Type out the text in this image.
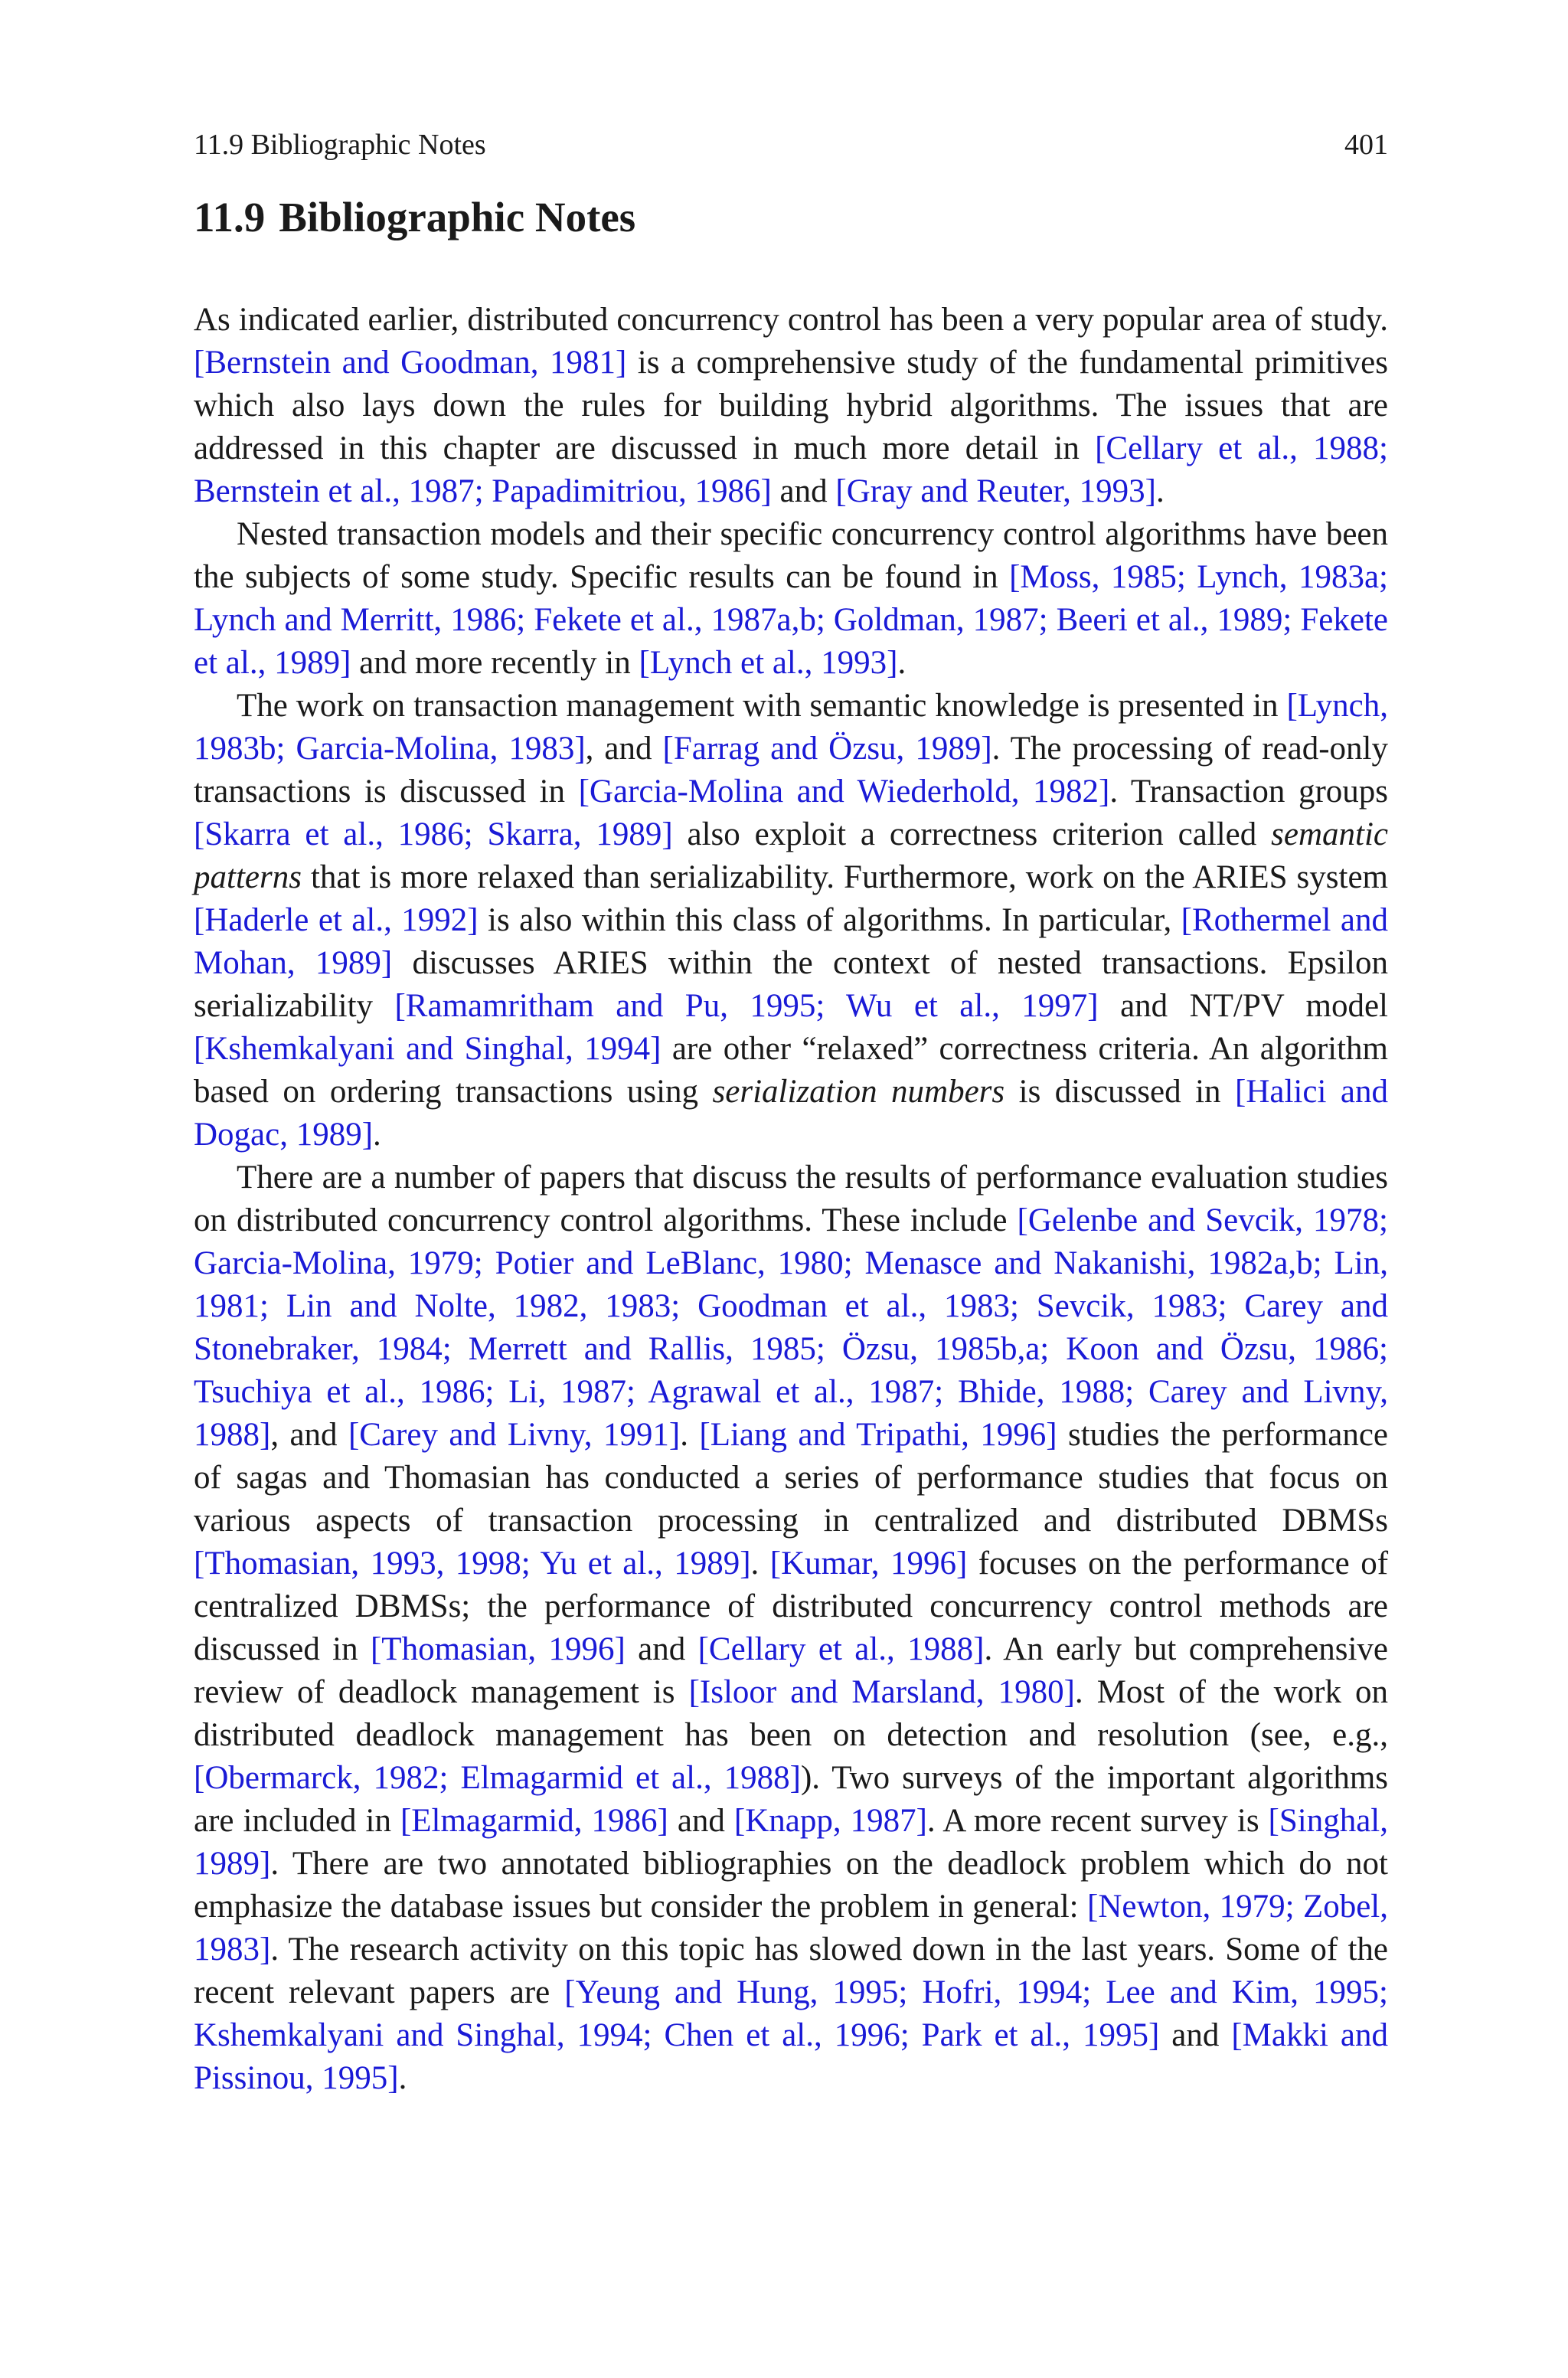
11.9 Bibliographic Notes	401
11.9 Bibliographic Notes

As indicated earlier, distributed concurrency control has been a very popular area of study. [Bernstein and Goodman, 1981] is a comprehensive study of the fundamental primitives which also lays down the rules for building hybrid algorithms. The issues that are addressed in this chapter are discussed in much more detail in [Cellary et al., 1988; Bernstein et al., 1987; Papadimitriou, 1986] and [Gray and Reuter, 1993].

Nested transaction models and their specific concurrency control algorithms have been the subjects of some study. Specific results can be found in [Moss, 1985; Lynch, 1983a; Lynch and Merritt, 1986; Fekete et al., 1987a,b; Goldman, 1987; Beeri et al., 1989; Fekete et al., 1989] and more recently in [Lynch et al., 1993].

The work on transaction management with semantic knowledge is presented in [Lynch, 1983b; Garcia-Molina, 1983], and [Farrag and Özsu, 1989]. The processing of read-only transactions is discussed in [Garcia-Molina and Wiederhold, 1982]. Transaction groups [Skarra et al., 1986; Skarra, 1989] also exploit a correctness criterion called semantic patterns that is more relaxed than serializability. Furthermore, work on the ARIES system [Haderle et al., 1992] is also within this class of algorithms. In particular, [Rothermel and Mohan, 1989] discusses ARIES within the context of nested transactions. Epsilon serializability [Ramamritham and Pu, 1995; Wu et al., 1997] and NT/PV model [Kshemkalyani and Singhal, 1994] are other “relaxed” correctness criteria. An algorithm based on ordering transactions using serialization numbers is discussed in [Halici and Dogac, 1989].

There are a number of papers that discuss the results of performance evaluation studies on distributed concurrency control algorithms. These include [Gelenbe and Sevcik, 1978; Garcia-Molina, 1979; Potier and LeBlanc, 1980; Menasce and Nakanishi, 1982a,b; Lin, 1981; Lin and Nolte, 1982, 1983; Goodman et al., 1983; Sevcik, 1983; Carey and Stonebraker, 1984; Merrett and Rallis, 1985; Özsu, 1985b,a; Koon and Özsu, 1986; Tsuchiya et al., 1986; Li, 1987; Agrawal et al., 1987; Bhide, 1988; Carey and Livny, 1988], and [Carey and Livny, 1991]. [Liang and Tripathi, 1996] studies the performance of sagas and Thomasian has conducted a series of performance studies that focus on various aspects of transaction processing in centralized and distributed DBMSs [Thomasian, 1993, 1998; Yu et al., 1989]. [Kumar, 1996] focuses on the performance of centralized DBMSs; the performance of distributed concurrency control methods are discussed in [Thomasian, 1996] and [Cellary et al., 1988]. An early but comprehensive review of deadlock management is [Isloor and Marsland, 1980]. Most of the work on distributed deadlock management has been on detection and resolution (see, e.g., [Obermarck, 1982; Elmagarmid et al., 1988]). Two surveys of the important algorithms are included in [Elmagarmid, 1986] and [Knapp, 1987]. A more recent survey is [Singhal, 1989]. There are two annotated bibliographies on the deadlock problem which do not emphasize the database issues but consider the problem in general: [Newton, 1979; Zobel, 1983]. The research activity on this topic has slowed down in the last years. Some of the recent relevant papers are [Yeung and Hung, 1995; Hofri, 1994; Lee and Kim, 1995; Kshemkalyani and Singhal, 1994; Chen et al., 1996; Park et al., 1995] and [Makki and Pissinou, 1995].
